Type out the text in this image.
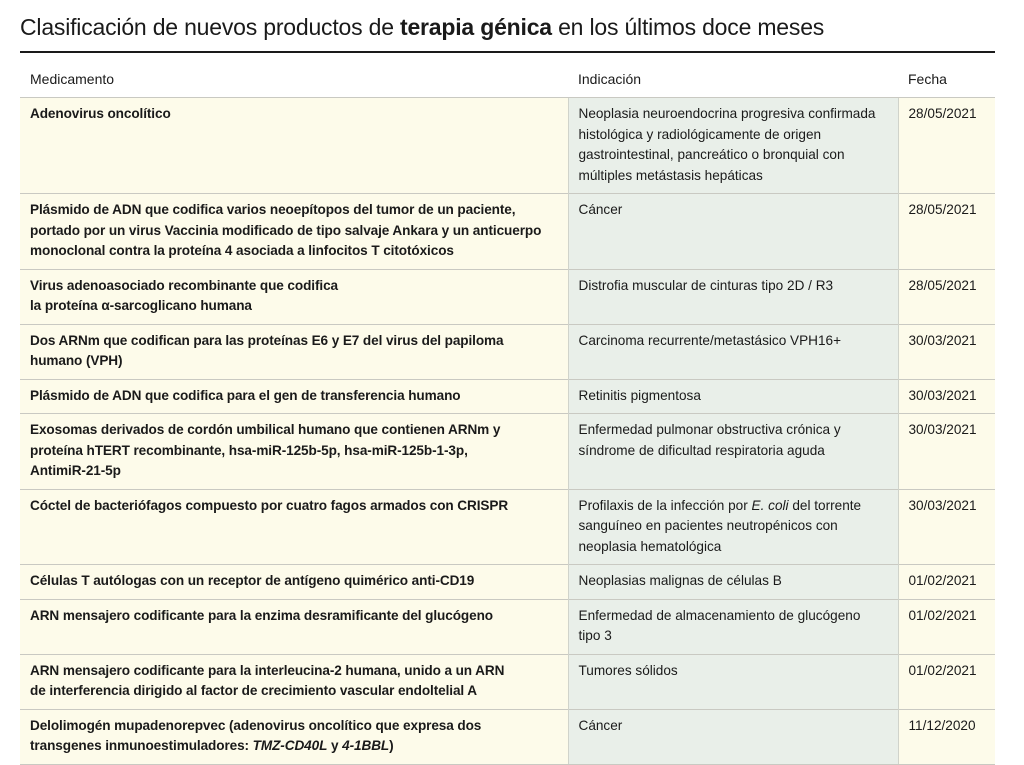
Clasificación de nuevos productos de terapia génica en los últimos doce meses
Medicamento	Indicación	Fecha
Adenovirus oncolítico	Neoplasia neuroendocrina progresiva confirmada
histológica y radiológicamente de origen
gastrointestinal, pancreático o bronquial con
múltiples metástasis hepáticas	28/05/2021
Plásmido de ADN que codifica varios neoepítopos del tumor de un paciente,
portado por un virus Vaccinia modificado de tipo salvaje Ankara y un anticuerpo
monoclonal contra la proteína 4 asociada a linfocitos T citotóxicos	Cáncer	28/05/2021
Virus adenoasociado recombinante que codifica
la proteína α-sarcoglicano humana	Distrofia muscular de cinturas tipo 2D / R3	28/05/2021
Dos ARNm que codifican para las proteínas E6 y E7 del virus del papiloma
humano (VPH)	Carcinoma recurrente/metastásico VPH16+	30/03/2021
Plásmido de ADN que codifica para el gen de transferencia humano	Retinitis pigmentosa	30/03/2021
Exosomas derivados de cordón umbilical humano que contienen ARNm y
proteína hTERT recombinante, hsa-miR-125b-5p, hsa-miR-125b-1-3p,
AntimiR-21-5p	Enfermedad pulmonar obstructiva crónica y
síndrome de dificultad respiratoria aguda	30/03/2021
Cóctel de bacteriófagos compuesto por cuatro fagos armados con CRISPR	Profilaxis de la infección por E. coli del torrente
sanguíneo en pacientes neutropénicos con
neoplasia hematológica	30/03/2021
Células T autólogas con un receptor de antígeno quimérico anti-CD19	Neoplasias malignas de células B	01/02/2021
ARN mensajero codificante para la enzima desramificante del glucógeno	Enfermedad de almacenamiento de glucógeno
tipo 3	01/02/2021
ARN mensajero codificante para la interleucina-2 humana, unido a un ARN
de interferencia dirigido al factor de crecimiento vascular endoltelial A	Tumores sólidos	01/02/2021
Delolimogén mupadenorepvec (adenovirus oncolítico que expresa dos
transgenes inmunoestimuladores: TMZ-CD40L y 4-1BBL)	Cáncer	11/12/2020
